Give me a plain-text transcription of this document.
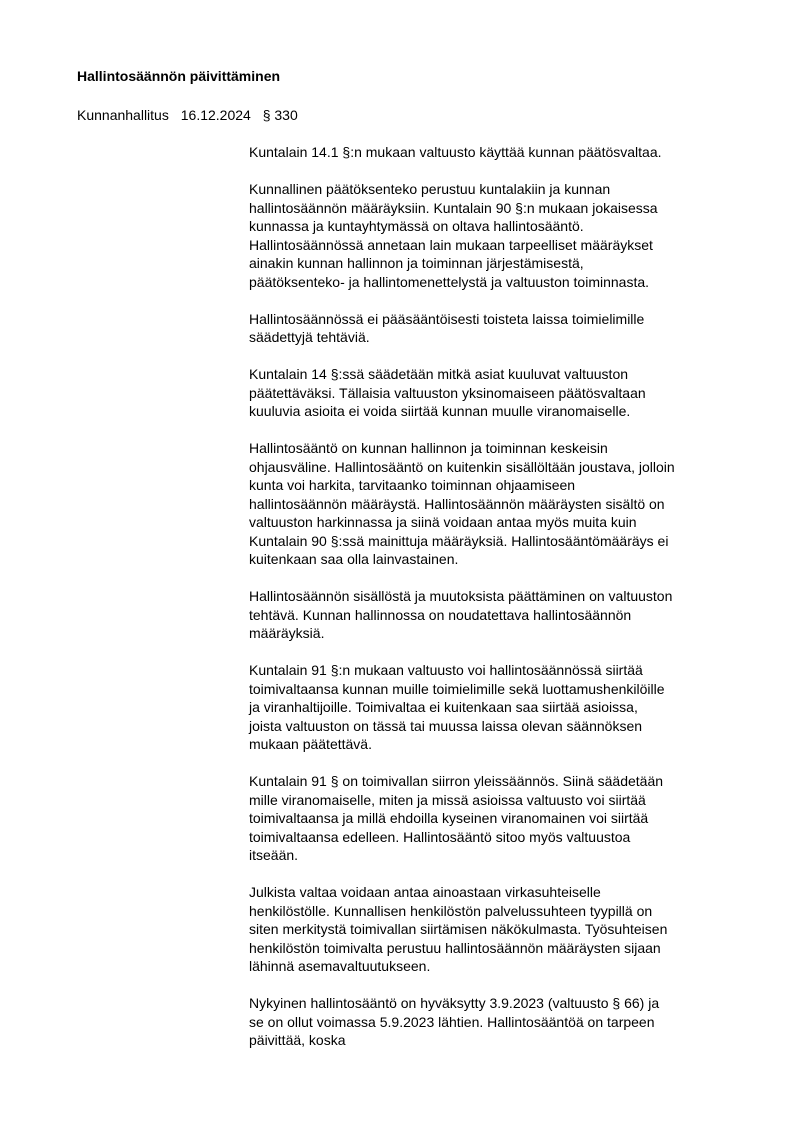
Hallintosäännön päivittäminen
Kunnanhallitus 16.12.2024 § 330

Kuntalain 14.1 §:n mukaan valtuusto käyttää kunnan päätösvaltaa.

Kunnallinen päätöksenteko perustuu kuntalakiin ja kunnan
hallintosäännön määräyksiin. Kuntalain 90 §:n mukaan jokaisessa
kunnassa ja kuntayhtymässä on oltava hallintosääntö.
Hallintosäännössä annetaan lain mukaan tarpeelliset määräykset
ainakin kunnan hallinnon ja toiminnan järjestämisestä,
päätöksenteko- ja hallintomenettelystä ja valtuuston toiminnasta.

Hallintosäännössä ei pääsääntöisesti toisteta laissa toimielimille
säädettyjä tehtäviä.

Kuntalain 14 §:ssä säädetään mitkä asiat kuuluvat valtuuston
päätettäväksi. Tällaisia valtuuston yksinomaiseen päätösvaltaan
kuuluvia asioita ei voida siirtää kunnan muulle viranomaiselle.

Hallintosääntö on kunnan hallinnon ja toiminnan keskeisin
ohjausväline. Hallintosääntö on kuitenkin sisällöltään joustava, jolloin
kunta voi harkita, tarvitaanko toiminnan ohjaamiseen
hallintosäännön määräystä. Hallintosäännön määräysten sisältö on
valtuuston harkinnassa ja siinä voidaan antaa myös muita kuin
Kuntalain 90 §:ssä mainittuja määräyksiä. Hallintosääntömääräys ei
kuitenkaan saa olla lainvastainen.

Hallintosäännön sisällöstä ja muutoksista päättäminen on valtuuston
tehtävä. Kunnan hallinnossa on noudatettava hallintosäännön
määräyksiä.

Kuntalain 91 §:n mukaan valtuusto voi hallintosäännössä siirtää
toimivaltaansa kunnan muille toimielimille sekä luottamushenkilöille
ja viranhaltijoille. Toimivaltaa ei kuitenkaan saa siirtää asioissa,
joista valtuuston on tässä tai muussa laissa olevan säännöksen
mukaan päätettävä.

Kuntalain 91 § on toimivallan siirron yleissäännös. Siinä säädetään
mille viranomaiselle, miten ja missä asioissa valtuusto voi siirtää
toimivaltaansa ja millä ehdoilla kyseinen viranomainen voi siirtää
toimivaltaansa edelleen. Hallintosääntö sitoo myös valtuustoa
itseään.

Julkista valtaa voidaan antaa ainoastaan virkasuhteiselle
henkilöstölle. Kunnallisen henkilöstön palvelussuhteen tyypillä on
siten merkitystä toimivallan siirtämisen näkökulmasta. Työsuhteisen
henkilöstön toimivalta perustuu hallintosäännön määräysten sijaan
lähinnä asemavaltuutukseen.

Nykyinen hallintosääntö on hyväksytty 3.9.2023 (valtuusto § 66) ja
se on ollut voimassa 5.9.2023 lähtien. Hallintosääntöä on tarpeen
päivittää, koska
